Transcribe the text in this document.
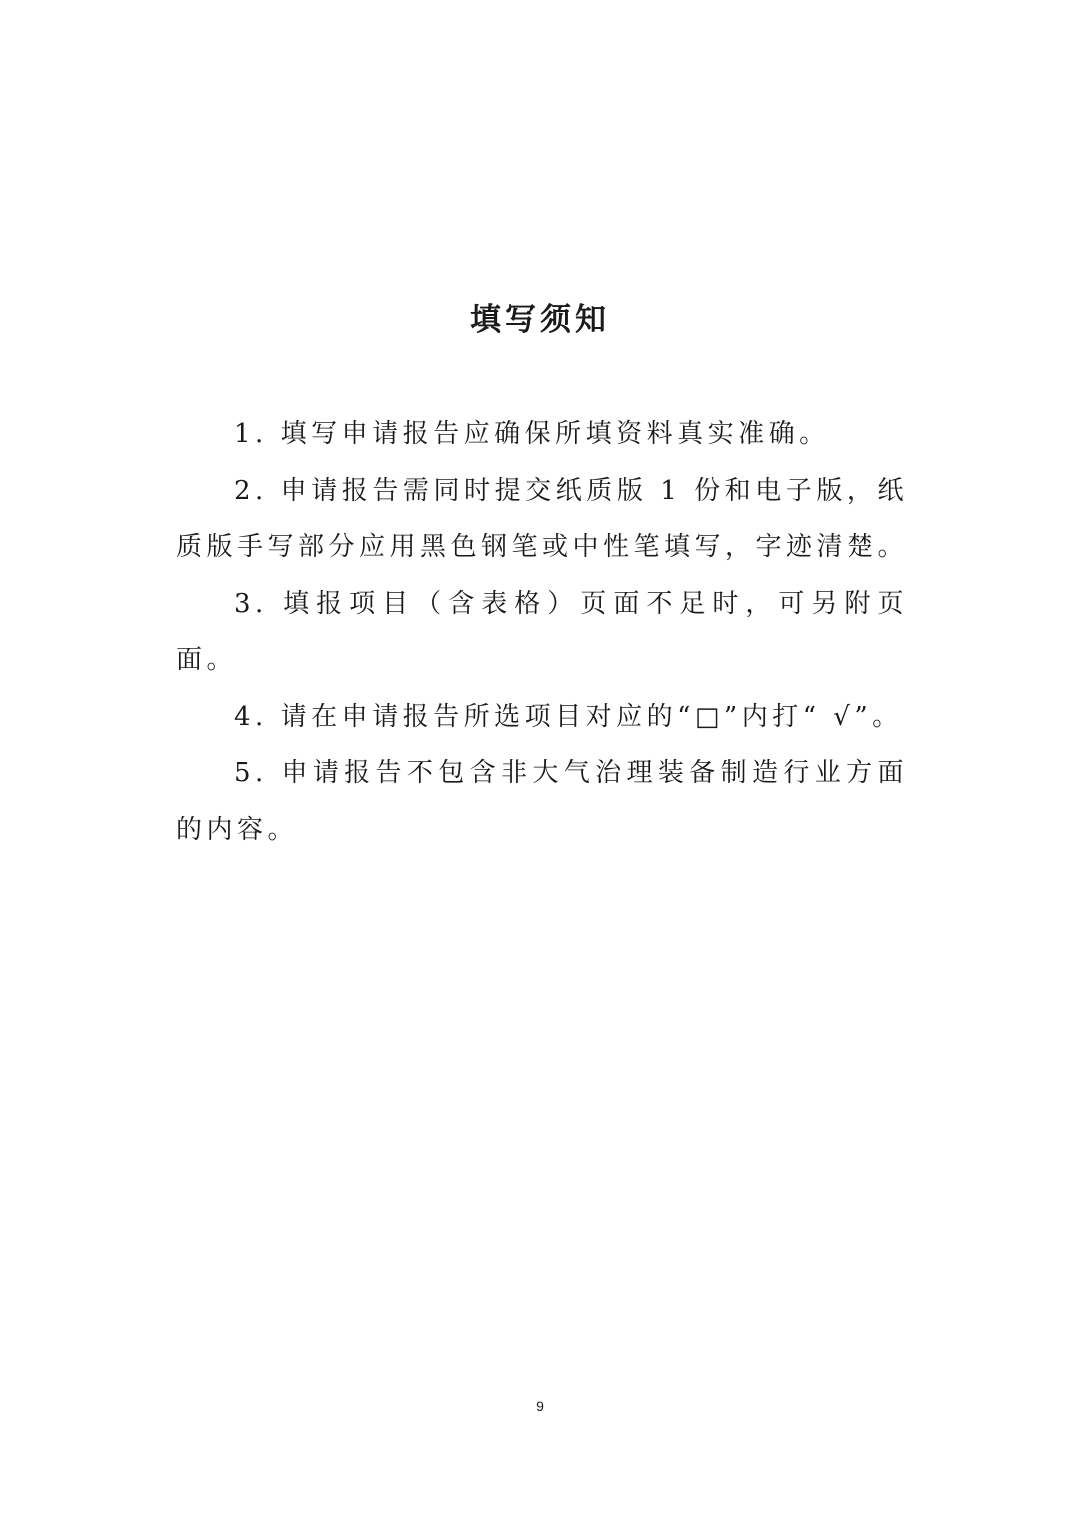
填写须知

1. 填写申请报告应确保所填资料真实准确。

2. 申请报告需同时提交纸质版 1 份和电子版，纸质版手写部分应用黑色钢笔或中性笔填写，字迹清楚。

3. 填报项目（含表格）页面不足时，可另附页面。

4. 请在申请报告所选项目对应的“□”内打“ √”。

5. 申请报告不包含非大气治理装备制造行业方面的内容。

9
